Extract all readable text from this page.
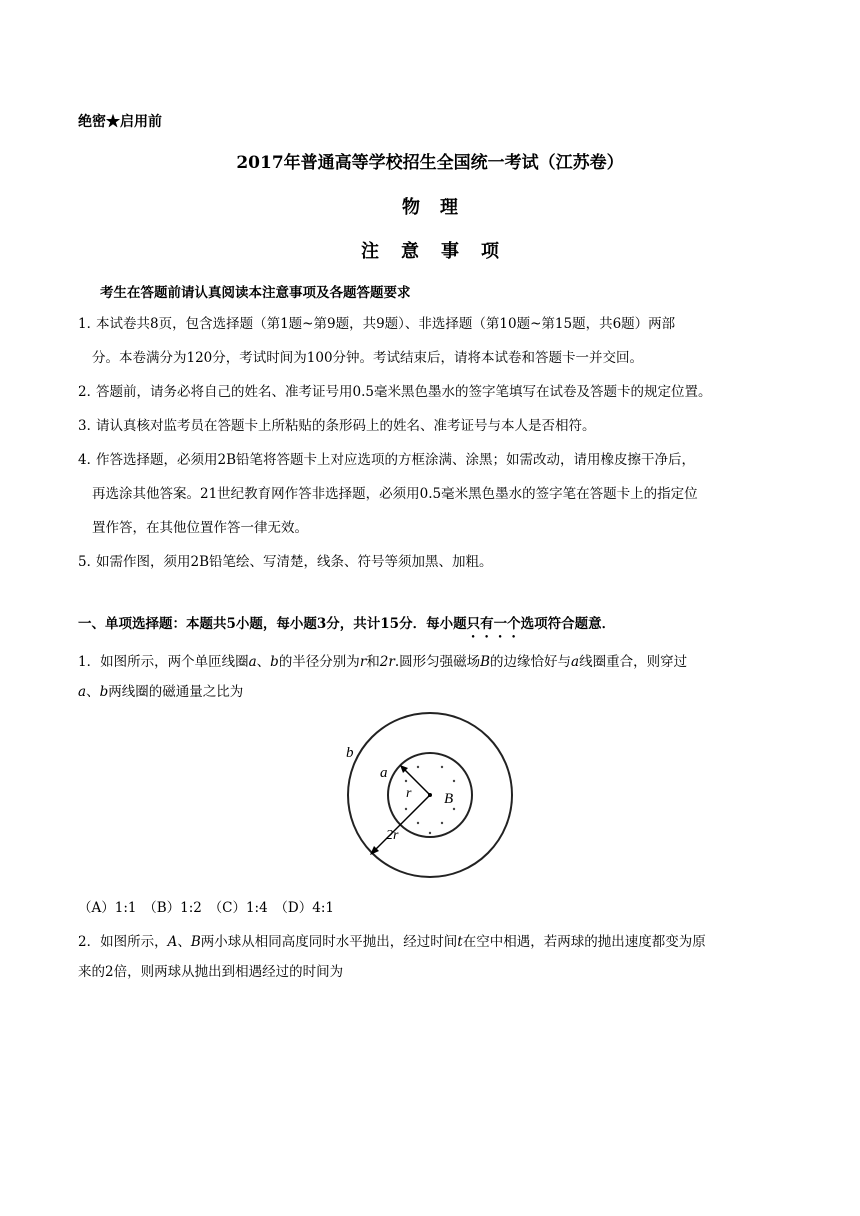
绝密★启用前
2017年普通高等学校招生全国统一考试（江苏卷）
物理
注意事项
考生在答题前请认真阅读本注意事项及各题答题要求
1．本试卷共8页，包含选择题（第1题~第9题，共9题）、非选择题（第10题~第15题，共6题）两部
分。本卷满分为120分，考试时间为100分钟。考试结束后，请将本试卷和答题卡一并交回。
2．答题前，请务必将自己的姓名、准考证号用0.5毫米黑色墨水的签字笔填写在试卷及答题卡的规定位置。
3．请认真核对监考员在答题卡上所粘贴的条形码上的姓名、准考证号与本人是否相符。
4．作答选择题，必须用2B铅笔将答题卡上对应选项的方框涂满、涂黑；如需改动，请用橡皮擦干净后，
再选涂其他答案。21世纪教育网作答非选择题，必须用0.5毫米黑色墨水的签字笔在答题卡上的指定位
置作答，在其他位置作答一律无效。
5．如需作图，须用2B铅笔绘、写清楚，线条、符号等须加黑、加粗。
一、单项选择题：本题共5小题，每小题3分，共计15分．每小题只有一个选项符合题意．
1．如图所示，两个单匝线圈a、b的半径分别为r和2r.圆形匀强磁场B的边缘恰好与a线圈重合，则穿过
a、b两线圈的磁通量之比为
b
a
r B
2r
（A）1:1　（B）1:2　（C）1:4　（D）4:1
2．如图所示，A、B两小球从相同高度同时水平抛出，经过时间t在空中相遇，若两球的抛出速度都变为原
来的2倍，则两球从抛出到相遇经过的时间为
